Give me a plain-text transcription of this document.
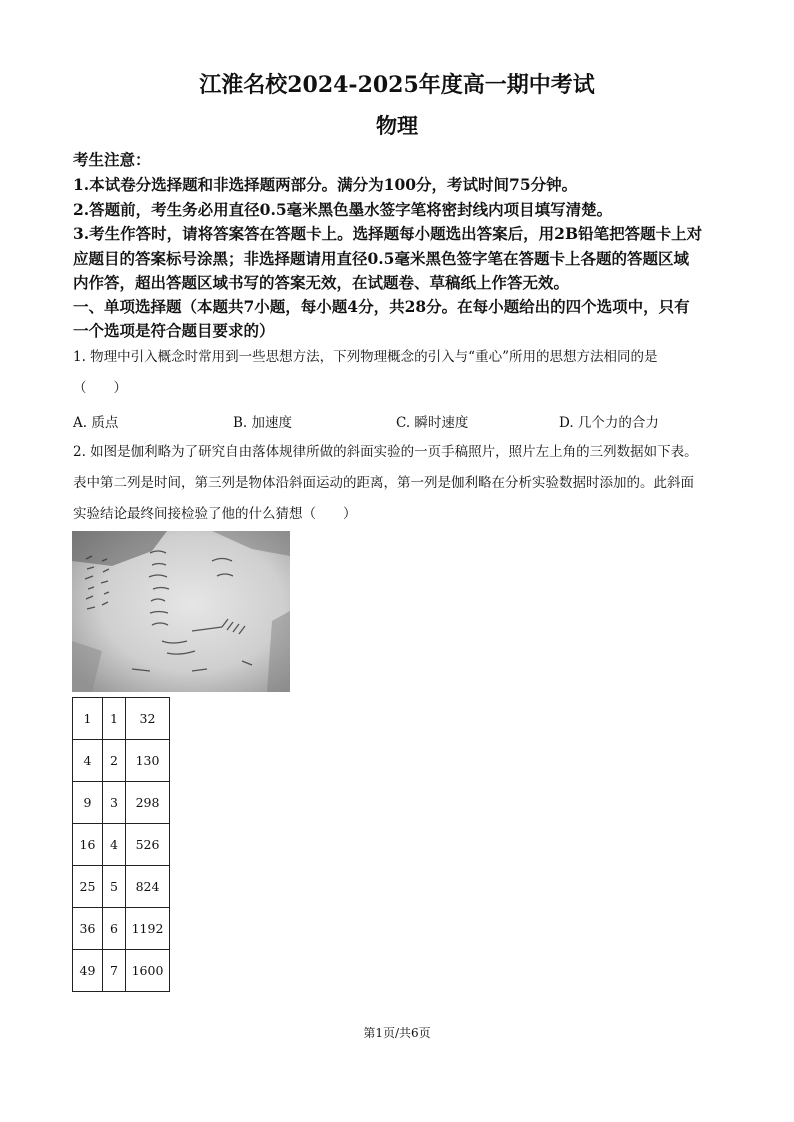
江淮名校2024-2025年度高一期中考试
物理
考生注意：
1.本试卷分选择题和非选择题两部分。满分为100分，考试时间75分钟。
2.答题前，考生务必用直径0.5毫米黑色墨水签字笔将密封线内项目填写清楚。
3.考生作答时，请将答案答在答题卡上。选择题每小题选出答案后，用2B铅笔把答题卡上对
应题目的答案标号涂黑；非选择题请用直径0.5毫米黑色签字笔在答题卡上各题的答题区域
内作答，超出答题区域书写的答案无效，在试题卷、草稿纸上作答无效。
一、单项选择题（本题共7小题，每小题4分，共28分。在每小题给出的四个选项中，只有
一个选项是符合题目要求的）
1. 物理中引入概念时常用到一些思想方法，下列物理概念的引入与“重心”所用的思想方法相同的是
（　　）
A. 质点	B. 加速度	C. 瞬时速度	D. 几个力的合力
2. 如图是伽利略为了研究自由落体规律所做的斜面实验的一页手稿照片，照片左上角的三列数据如下表。
表中第二列是时间，第三列是物体沿斜面运动的距离，第一列是伽利略在分析实验数据时添加的。此斜面
实验结论最终间接检验了他的什么猜想（　　）
1	1	32
4	2	130
9	3	298
16	4	526
25	5	824
36	6	1192
49	7	1600
第1页/共6页
